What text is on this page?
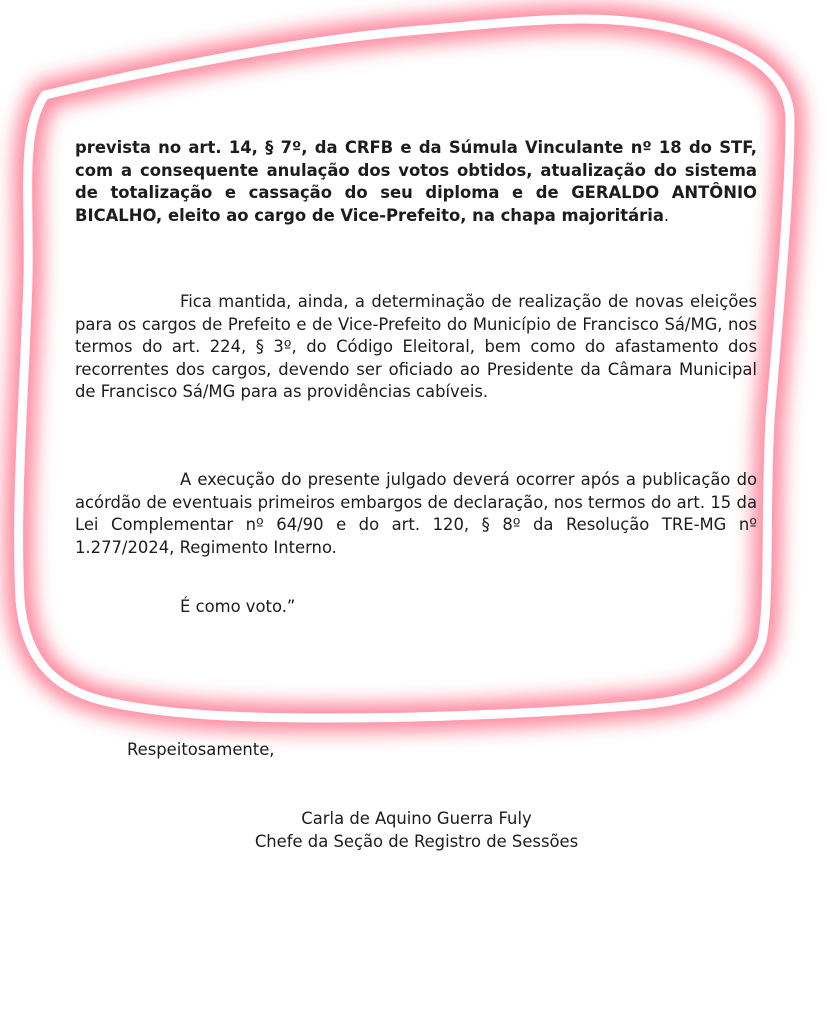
prevista no art. 14, § 7º, da CRFB e da Súmula Vinculante nº 18 do STF, com a consequente anulação dos votos obtidos, atualização do sistema de totalização e cassação do seu diploma e de GERALDO ANTÔNIO BICALHO, eleito ao cargo de Vice-Prefeito, na chapa majoritária.
Fica mantida, ainda, a determinação de realização de novas eleições para os cargos de Prefeito e de Vice-Prefeito do Município de Francisco Sá/MG, nos termos do art. 224, § 3º, do Código Eleitoral, bem como do afastamento dos recorrentes dos cargos, devendo ser oficiado ao Presidente da Câmara Municipal de Francisco Sá/MG para as providências cabíveis.
A execução do presente julgado deverá ocorrer após a publicação do acórdão de eventuais primeiros embargos de declaração, nos termos do art. 15 da Lei Complementar nº 64/90 e do art. 120, § 8º da Resolução TRE-MG nº 1.277/2024, Regimento Interno.
É como voto.”
Respeitosamente,
Carla de Aquino Guerra Fuly
Chefe da Seção de Registro de Sessões
